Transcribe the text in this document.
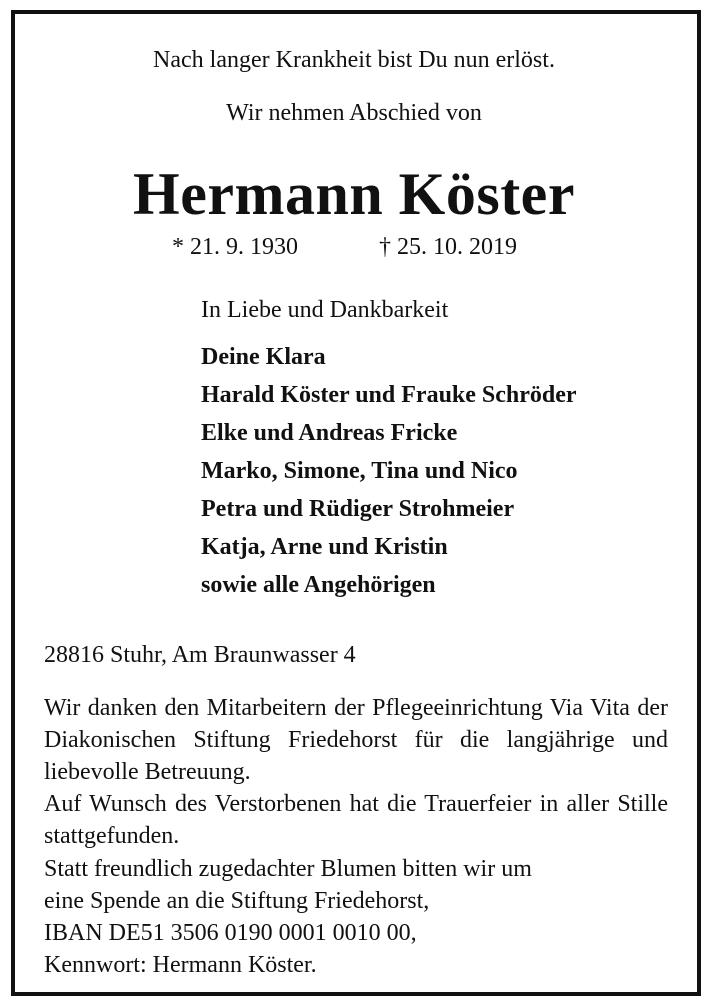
Nach langer Krankheit bist Du nun erlöst.
Wir nehmen Abschied von
Hermann Köster
* 21. 9. 1930	† 25. 10. 2019
In Liebe und Dankbarkeit
Deine Klara
Harald Köster und Frauke Schröder
Elke und Andreas Fricke
Marko, Simone, Tina und Nico
Petra und Rüdiger Strohmeier
Katja, Arne und Kristin
sowie alle Angehörigen
28816 Stuhr, Am Braunwasser 4
Wir danken den Mitarbeitern der Pflegeeinrichtung Via Vita der Diakonischen Stiftung Friedehorst für die langjährige und liebevolle Betreuung.
Auf Wunsch des Verstorbenen hat die Trauerfeier in aller Stille stattgefunden.
Statt freundlich zugedachter Blumen bitten wir um
eine Spende an die Stiftung Friedehorst,
IBAN DE51 3506 0190 0001 0010 00,
Kennwort: Hermann Köster.
